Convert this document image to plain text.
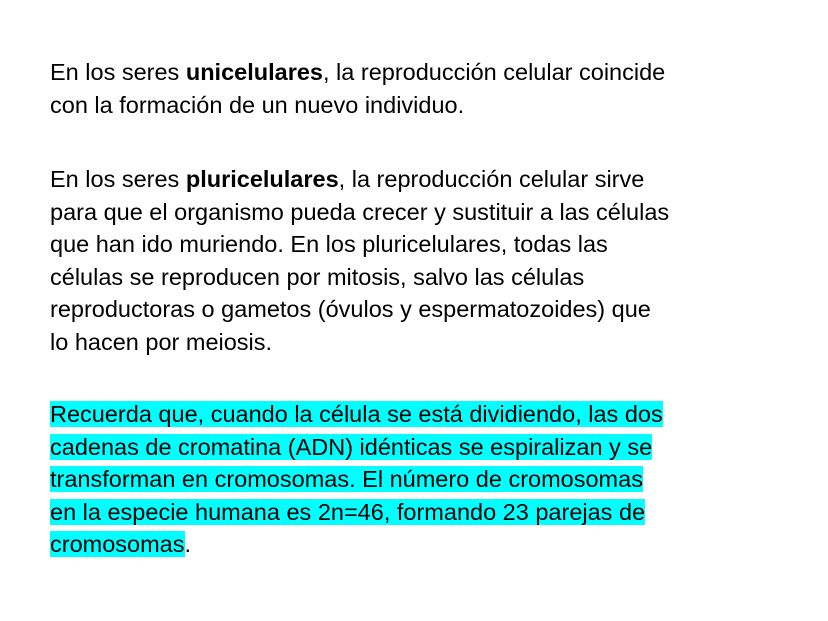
En los seres unicelulares, la reproducción celular coincide
con la formación de un nuevo individuo.

En los seres pluricelulares, la reproducción celular sirve
para que el organismo pueda crecer y sustituir a las células
que han ido muriendo. En los pluricelulares, todas las
células se reproducen por mitosis, salvo las células
reproductoras o gametos (óvulos y espermatozoides) que
lo hacen por meiosis.

Recuerda que, cuando la célula se está dividiendo, las dos
cadenas de cromatina (ADN) idénticas se espiralizan y se
transforman en cromosomas. El número de cromosomas
en la especie humana es 2n=46, formando 23 parejas de
cromosomas.
